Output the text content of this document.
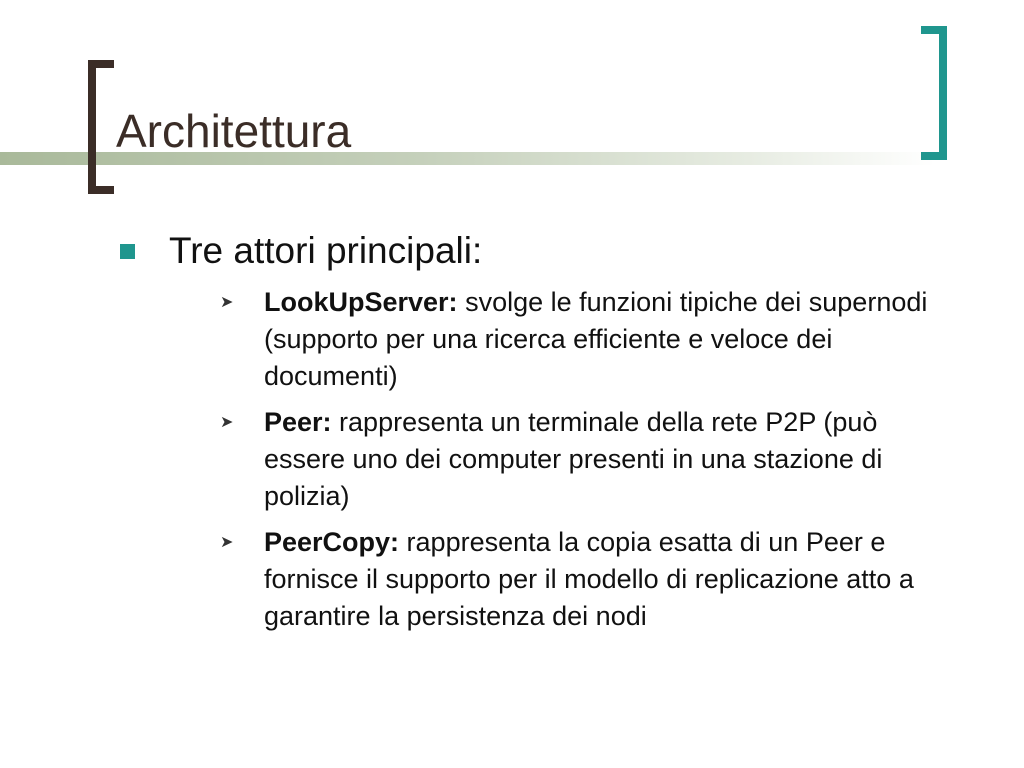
Architettura
Tre attori principali:
➤	LookUpServer: svolge le funzioni tipiche dei supernodi (supporto per una ricerca efficiente e veloce dei documenti)
➤	Peer: rappresenta un terminale della rete P2P (può essere uno dei computer presenti in una stazione di polizia)
➤	PeerCopy: rappresenta la copia esatta di un Peer e fornisce il supporto per il modello di replicazione atto a garantire la persistenza dei nodi
